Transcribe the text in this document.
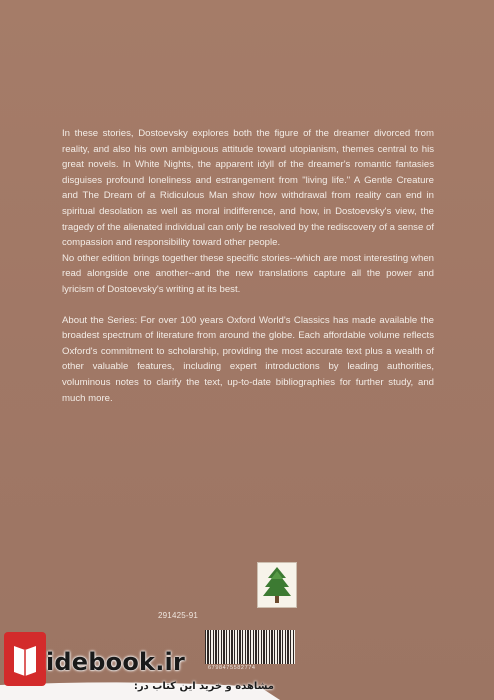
In these stories, Dostoevsky explores both the figure of the dreamer divorced from reality, and also his own ambiguous attitude toward utopianism, themes central to his great novels. In White Nights, the apparent idyll of the dreamer's romantic fantasies disguises profound loneliness and estrangement from "living life." A Gentle Creature and The Dream of a Ridiculous Man show how withdrawal from reality can end in spiritual desolation as well as moral indifference, and how, in Dostoevsky's view, the tragedy of the alienated individual can only be resolved by the rediscovery of a sense of compassion and responsibility toward other people.

No other edition brings together these specific stories--which are most interesting when read alongside one another--and the new translations capture all the power and lyricism of Dostoevsky's writing at its best.

About the Series: For over 100 years Oxford World's Classics has made available the broadest spectrum of literature from around the globe. Each affordable volume reflects Oxford's commitment to scholarship, providing the most accurate text plus a wealth of other valuable features, including expert introductions by leading authorities, voluminous notes to clarify the text, up-to-date bibliographies for further study, and much more.

291425-91
6798475582774
idebook.ir
مشاهده و خرید این کتاب در:
